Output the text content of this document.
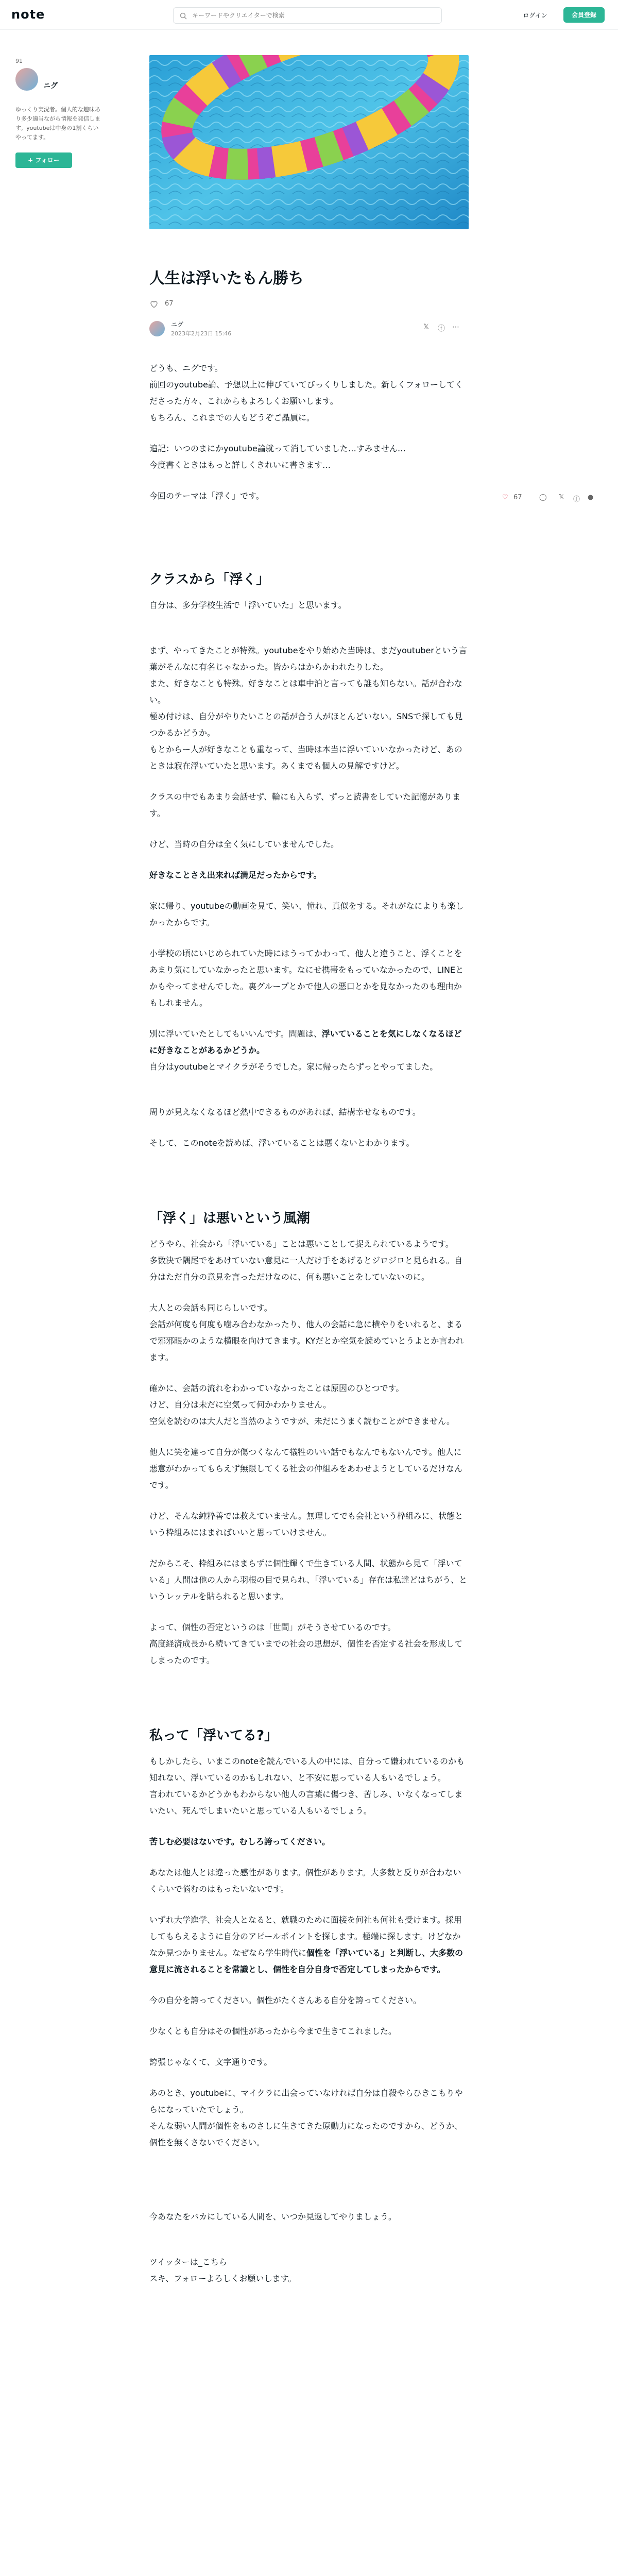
note
キーワードやクリエイターで検索	ログイン	会員登録
91
ニグ
ゆっくり実況者。個人的な趣味あり多少適当ながら情報を発信します。youtubeは中身の1割くらいやってます。
+ フォロー
人生は浮いたもん勝ち
67
ニグ
2023年2月23日 15:46
𝕏 ⓕ ⋯
どうも、ニグです。
前回のyoutube論、予想以上に伸びていてびっくりしました。新しくフォローしてくださった方々、これからもよろしくお願いします。
もちろん、これまでの人もどうぞご贔屓に。
追記：いつのまにかyoutube論就って消していました…すみません…
今度書くときはもっと詳しくきれいに書きます…
今回のテーマは「浮く」です。
クラスから「浮く」
自分は、多分学校生活で「浮いていた」と思います。
まず、やってきたことが特殊。youtubeをやり始めた当時は、まだyoutuberという言葉がそんなに有名じゃなかった。皆からはからかわれたりした。
また、好きなことも特殊。好きなことは車中泊と言っても誰も知らない。話が合わない。
極め付けは、自分がやりたいことの話が合う人がほとんどいない。SNSで探しても見つかるかどうか。
もとからー人が好きなことも重なって、当時は本当に浮いていいなかったけど、あのときは寂在浮いていたと思います。あくまでも個人の見解ですけど。
クラスの中でもあまり会話せず、輪にも入らず、ずっと読書をしていた記憶があります。
けど、当時の自分は全く気にしていませんでした。
好きなことさえ出来れば満足だったからです。
家に帰り、youtubeの動画を見て、笑い、憧れ、真似をする。それがなによりも楽しかったからです。
小学校の頃にいじめられていた時にはうってかわって、他人と違うこと、浮くことをあまり気にしていなかったと思います。なにせ携帯をもっていなかったので、LINEとかもやってませんでした。裏グループとかで他人の悪口とかを見なかったのも理由かもしれません。
別に浮いていたとしてもいいんです。問題は、浮いていることを気にしなくなるほどに好きなことがあるかどうか。
自分はyoutubeとマイクラがそうでした。家に帰ったらずっとやってました。
周りが見えなくなるほど熱中できるものがあれば、結構幸せなものです。
そして、このnoteを読めば、浮いていることは悪くないとわかります。
「浮く」は悪いという風潮
どうやら、社会から「浮いている」ことは悪いことして捉えられているようです。
多数決で隅尾でをあけていない意見に一人だけ手をあげるとジロジロと見られる。自分はただ自分の意見を言っただけなのに、何も悪いことをしていないのに。
大人との会話も同じらしいです。
会話が何度も何度も噛み合わなかったり、他人の会話に急に横やりをいれると、まるで邪邪眼かのような横眼を向けてきます。KYだとか空気を読めていとうよとか言われます。
確かに、会話の流れをわかっていなかったことは原因のひとつです。
けど、自分は未だに空気って何かわかりません。
空気を読むのは大人だと当然のようですが、未だにうまく読むことができません。
他人に笑を違って自分が傷つくなんて犠牲のいい話でもなんでもないんです。他人に悪意がわかってもらえず無限してくる社会の仲組みをあわせようとしているだけなんです。
けど、そんな純粋善では救えていません。無理してでも会社という枠組みに、状態という枠組みにはまればいいと思っていけません。
だからこそ、枠組みにはまらずに個性輝くで生きている人間、状態から見て「浮いている」人間は他の人から羽根の目で見られ、「浮いている」存在は私達どはちがう、というレッテルを貼られると思います。
よって、個性の否定というのは「世間」がそうさせているのです。
高度経済成長から続いてきていまでの社会の思想が、個性を否定する社会を形成してしまったのです。
私って「浮いてる?」
もしかしたら、いまこのnoteを読んでいる人の中には、自分って嫌われているのかも知れない、浮いているのかもしれない、と不安に思っている人もいるでしょう。
言われているかどうかもわからない他人の言葉に傷つき、苦しみ、いなくなってしまいたい、死んでしまいたいと思っている人もいるでしょう。
苦しむ必要はないです。むしろ誇ってください。
あなたは他人とは違った感性があります。個性があります。大多数と反りが合わないくらいで悩むのはもったいないです。
いずれ大学進学、社会人となると、就職のために面接を何社も何社も受けます。採用してもらえるように自分のアピールポイントを探します。極端に探します。けどなかなか見つかりません。なぜなら学生時代に個性を「浮いている」と判断し、大多数の意見に流されることを常識とし、個性を自分自身で否定してしまったからです。
今の自分を誇ってください。個性がたくさんある自分を誇ってください。
少なくとも自分はその個性があったから今まで生きてこれました。
誇張じゃなくて、文字通りです。
あのとき、youtubeに、マイクラに出会っていなければ自分は自殺やらひきこもりやらになっていたでしょう。
そんな弱い人間が個性をものさしに生きてきた原動力になったのですから、どうか、個性を無くさないでください。
今あなたをバカにしている人間を、いつか見返してやりましょう。
ツイッターは_こちら
スキ、フォローよろしくお願いします。
♡ 67	◯ 𝕏 ⓕ ●
